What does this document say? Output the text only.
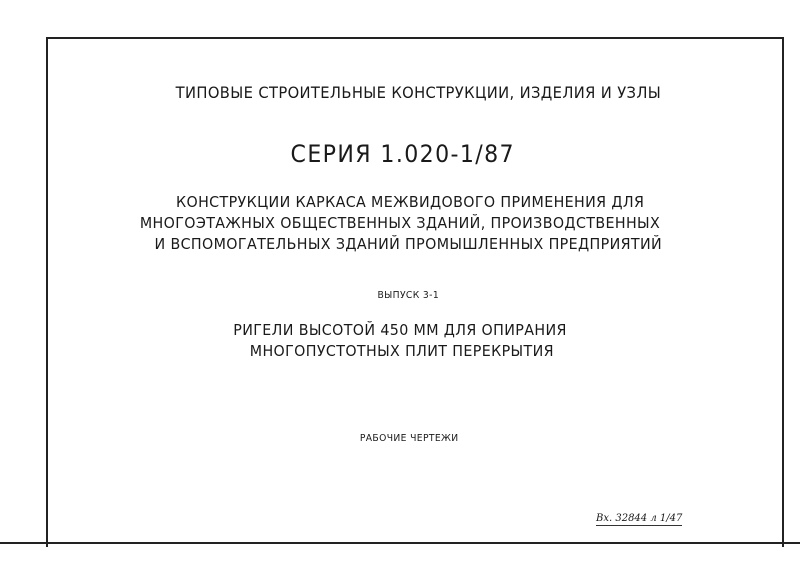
ТИПОВЫЕ СТРОИТЕЛЬНЫЕ КОНСТРУКЦИИ, ИЗДЕЛИЯ И УЗЛЫ
СЕРИЯ 1.020-1/87
КОНСТРУКЦИИ КАРКАСА МЕЖВИДОВОГО ПРИМЕНЕНИЯ ДЛЯ
МНОГОЭТАЖНЫХ ОБЩЕСТВЕННЫХ ЗДАНИЙ, ПРОИЗВОДСТВЕННЫХ
И ВСПОМОГАТЕЛЬНЫХ ЗДАНИЙ ПРОМЫШЛЕННЫХ ПРЕДПРИЯТИЙ
ВЫПУСК 3-1
РИГЕЛИ ВЫСОТОЙ 450 ММ ДЛЯ ОПИРАНИЯ
МНОГОПУСТОТНЫХ ПЛИТ ПЕРЕКРЫТИЯ
РАБОЧИЕ ЧЕРТЕЖИ
Вх. 32844 л 1/47
